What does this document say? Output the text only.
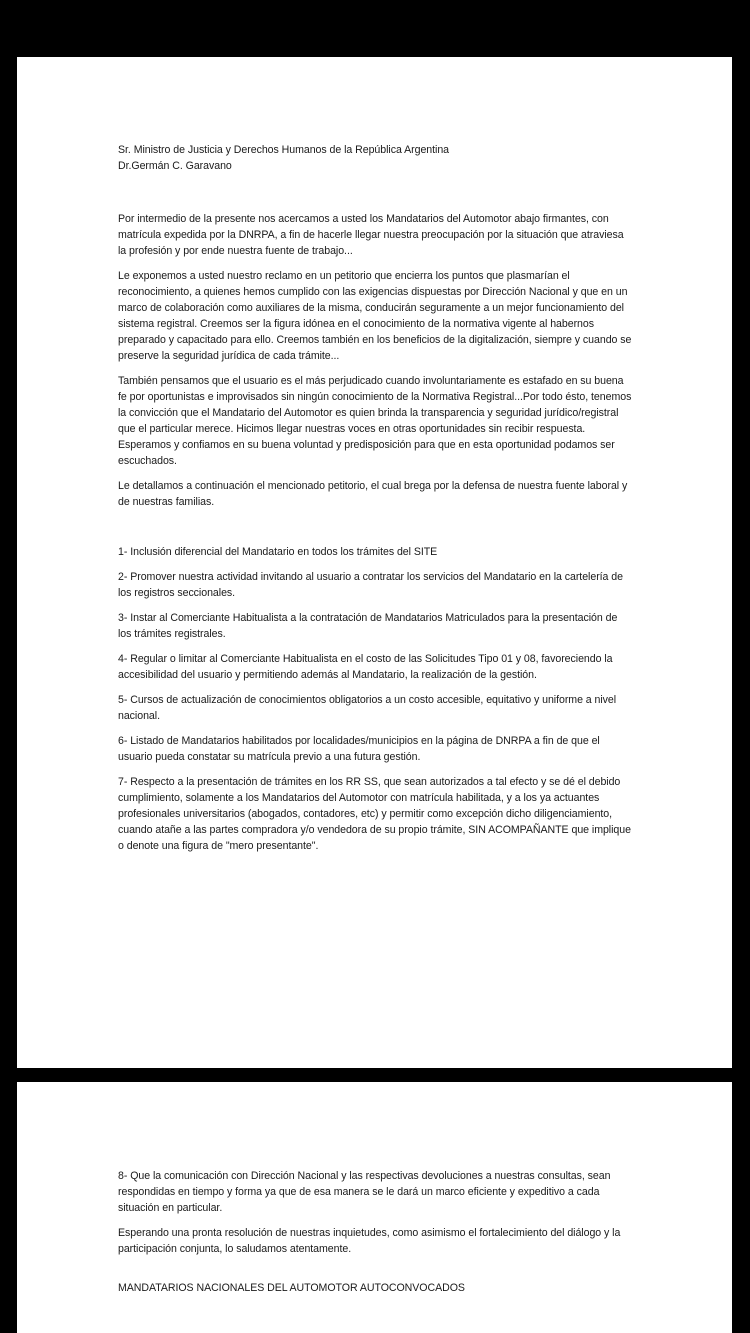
Sr. Ministro de Justicia y Derechos Humanos de la República Argentina
Dr.Germán C. Garavano

Por intermedio de la presente nos acercamos a usted los Mandatarios del Automotor abajo firmantes, con matrícula expedida por la DNRPA, a fin de hacerle llegar nuestra preocupación por la situación que atraviesa la profesión y por ende nuestra fuente de trabajo...

Le exponemos a usted nuestro reclamo en un petitorio que encierra los puntos que plasmarían el reconocimiento, a quienes hemos cumplido con las exigencias dispuestas por Dirección Nacional y que en un marco de colaboración como auxiliares de la misma, conducirán seguramente a un mejor funcionamiento del sistema registral. Creemos ser la figura idónea en el conocimiento de la normativa vigente al habernos preparado y capacitado para ello. Creemos también en los beneficios de la digitalización, siempre y cuando se preserve la seguridad jurídica de cada trámite...

También pensamos que el usuario es el más perjudicado cuando involuntariamente es estafado en su buena fe por oportunistas e improvisados sin ningún conocimiento de la Normativa Registral...Por todo ésto, tenemos la convicción que el Mandatario del Automotor es quien brinda la transparencia y seguridad jurídico/registral que el particular merece. Hicimos llegar nuestras voces en otras oportunidades sin recibir respuesta. Esperamos y confiamos en su buena voluntad y predisposición para que en esta oportunidad podamos ser escuchados.

Le detallamos a continuación el mencionado petitorio, el cual brega por la defensa de nuestra fuente laboral y de nuestras familias.

1- Inclusión diferencial del Mandatario en todos los trámites del SITE

2- Promover nuestra actividad invitando al usuario a contratar los servicios del Mandatario en la cartelería de los registros seccionales.

3- Instar al Comerciante Habitualista a la contratación de Mandatarios Matriculados para la presentación de los trámites registrales.

4- Regular o limitar al Comerciante Habitualista en el costo de las Solicitudes Tipo 01 y 08, favoreciendo la accesibilidad del usuario y permitiendo además al Mandatario, la realización de la gestión.

5- Cursos de actualización de conocimientos obligatorios a un costo accesible, equitativo y uniforme a nivel nacional.

6- Listado de Mandatarios habilitados por localidades/municipios en la página de DNRPA a fin de que el usuario pueda constatar su matrícula previo a una futura gestión.

7- Respecto a la presentación de trámites en los RR SS, que sean autorizados a tal efecto y se dé el debido cumplimiento, solamente a los Mandatarios del Automotor con matrícula habilitada, y a los ya actuantes profesionales universitarios (abogados, contadores, etc) y permitir como excepción dicho diligenciamiento, cuando atañe a las partes compradora y/o vendedora de su propio trámite, SIN ACOMPAÑANTE que implique o denote una figura de "mero presentante".

8- Que la comunicación con Dirección Nacional y las respectivas devoluciones a nuestras consultas, sean respondidas en tiempo y forma ya que de esa manera se le dará un marco eficiente y expeditivo a cada situación en particular.

Esperando una pronta resolución de nuestras inquietudes, como asimismo el fortalecimiento del diálogo y la participación conjunta, lo saludamos atentamente.

MANDATARIOS NACIONALES DEL AUTOMOTOR AUTOCONVOCADOS
